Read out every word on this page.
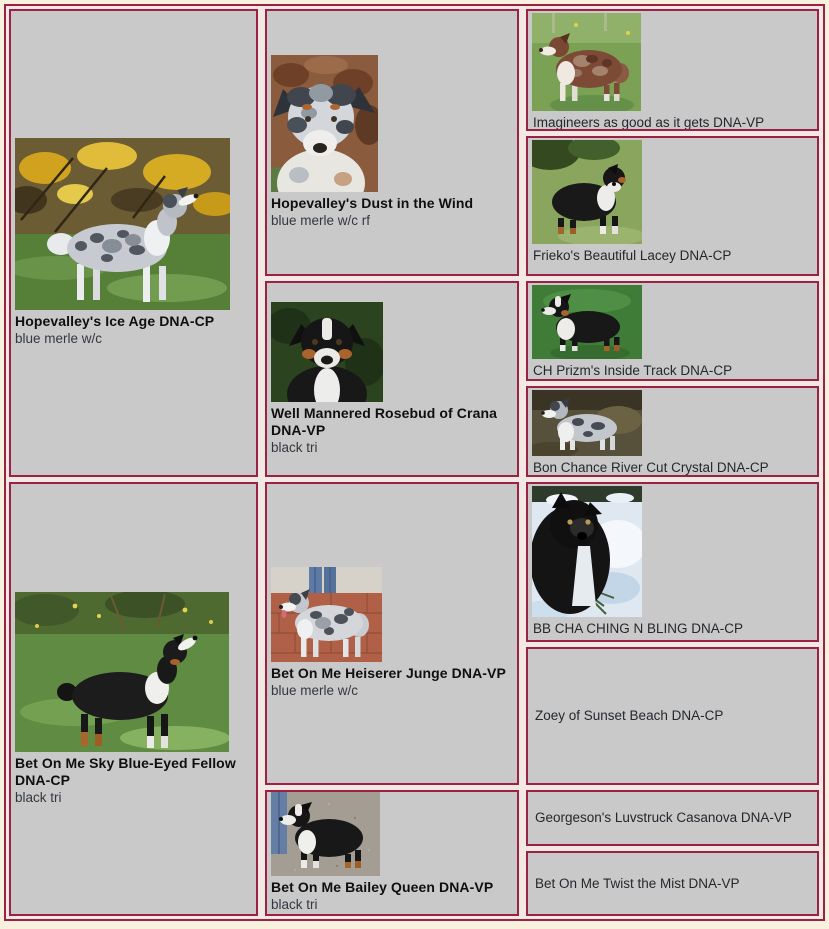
Hopevalley's Ice Age DNA-CP
blue merle w/c
Bet On Me Sky Blue-Eyed Fellow DNA-CP
black tri
Hopevalley's Dust in the Wind
blue merle w/c rf
Well Mannered Rosebud of Crana DNA-VP
black tri
Bet On Me Heiserer Junge DNA-VP
blue merle w/c
Bet On Me Bailey Queen DNA-VP
black tri
Imagineers as good as it gets DNA-VP
Frieko's Beautiful Lacey DNA-CP
CH Prizm's Inside Track DNA-CP
Bon Chance River Cut Crystal DNA-CP
BB CHA CHING N BLING DNA-CP
Zoey of Sunset Beach DNA-CP
Georgeson's Luvstruck Casanova DNA-VP
Bet On Me Twist the Mist DNA-VP
